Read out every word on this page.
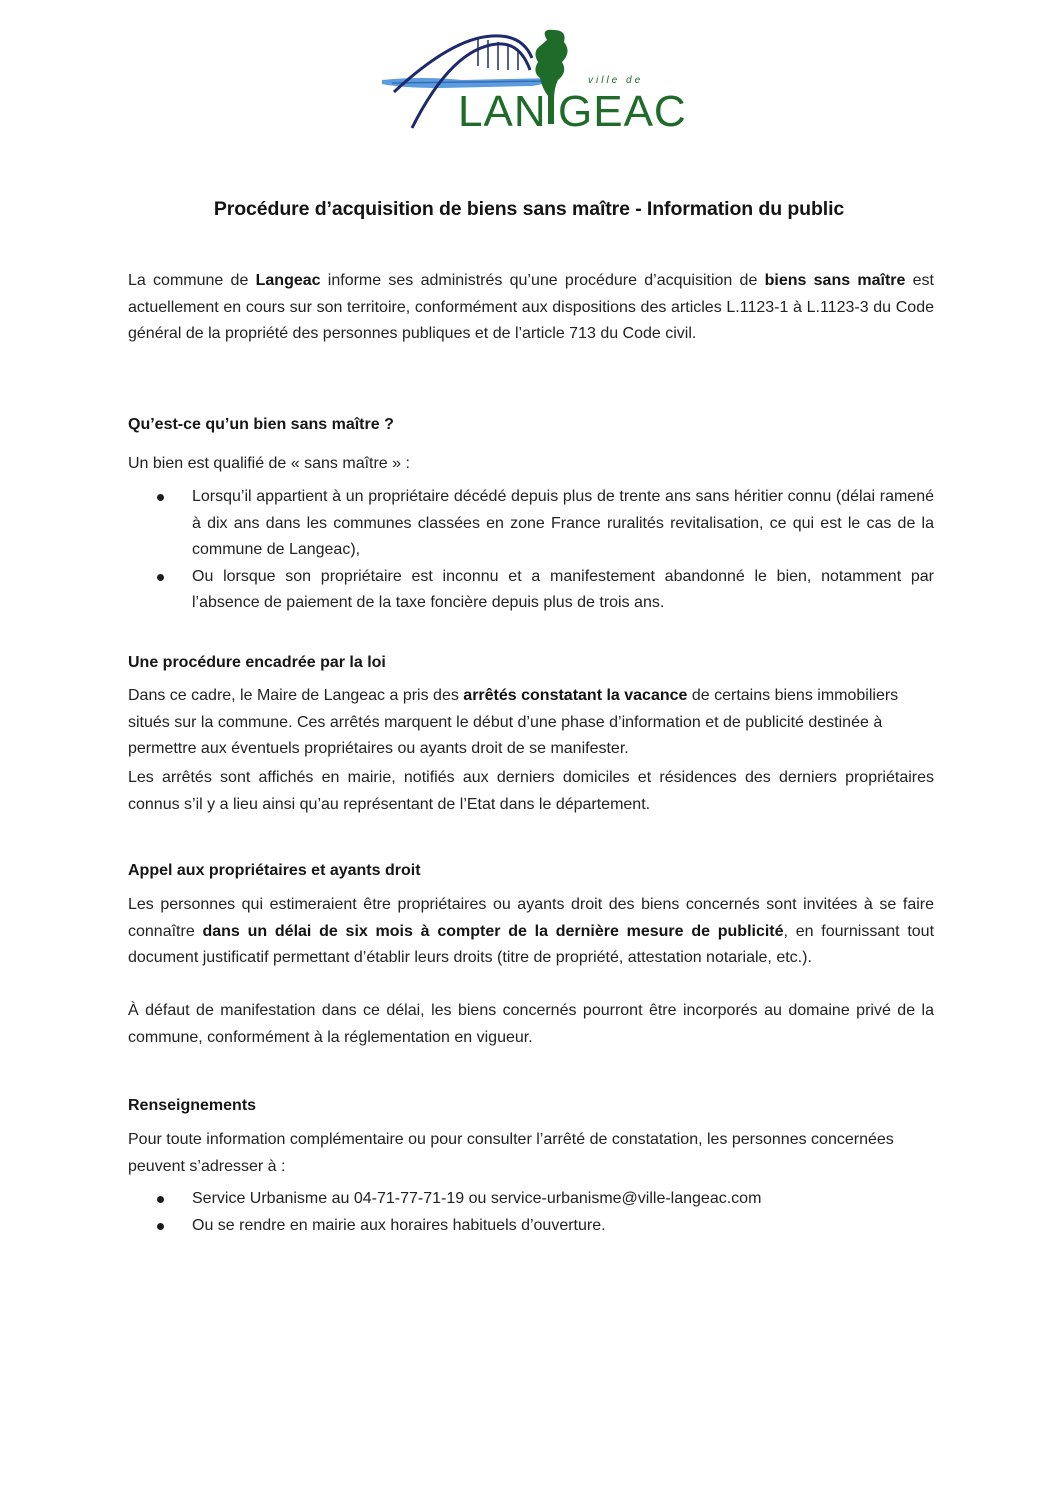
ville de
LAN GEAC
Procédure d’acquisition de biens sans maître - Information du public

La commune de Langeac informe ses administrés qu’une procédure d’acquisition de biens sans maître est actuellement en cours sur son territoire, conformément aux dispositions des articles L.1123-1 à L.1123-3 du Code général de la propriété des personnes publiques et de l’article 713 du Code civil.

Qu’est-ce qu’un bien sans maître ?

Un bien est qualifié de « sans maître » :

Lorsqu’il appartient à un propriétaire décédé depuis plus de trente ans sans héritier connu (délai ramené à dix ans dans les communes classées en zone France ruralités revitalisation, ce qui est le cas de la commune de Langeac),
Ou lorsque son propriétaire est inconnu et a manifestement abandonné le bien, notamment par l’absence de paiement de la taxe foncière depuis plus de trois ans.
Une procédure encadrée par la loi

Dans ce cadre, le Maire de Langeac a pris des arrêtés constatant la vacance de certains biens immobiliers situés sur la commune. Ces arrêtés marquent le début d’une phase d’information et de publicité destinée à permettre aux éventuels propriétaires ou ayants droit de se manifester.

Les arrêtés sont affichés en mairie, notifiés aux derniers domiciles et résidences des derniers propriétaires connus s’il y a lieu ainsi qu’au représentant de l’Etat dans le département.

Appel aux propriétaires et ayants droit

Les personnes qui estimeraient être propriétaires ou ayants droit des biens concernés sont invitées à se faire connaître dans un délai de six mois à compter de la dernière mesure de publicité, en fournissant tout document justificatif permettant d’établir leurs droits (titre de propriété, attestation notariale, etc.).

À défaut de manifestation dans ce délai, les biens concernés pourront être incorporés au domaine privé de la commune, conformément à la réglementation en vigueur.

Renseignements

Pour toute information complémentaire ou pour consulter l’arrêté de constatation, les personnes concernées peuvent s’adresser à :

Service Urbanisme au 04-71-77-71-19 ou service-urbanisme@ville-langeac.com
Ou se rendre en mairie aux horaires habituels d’ouverture.
